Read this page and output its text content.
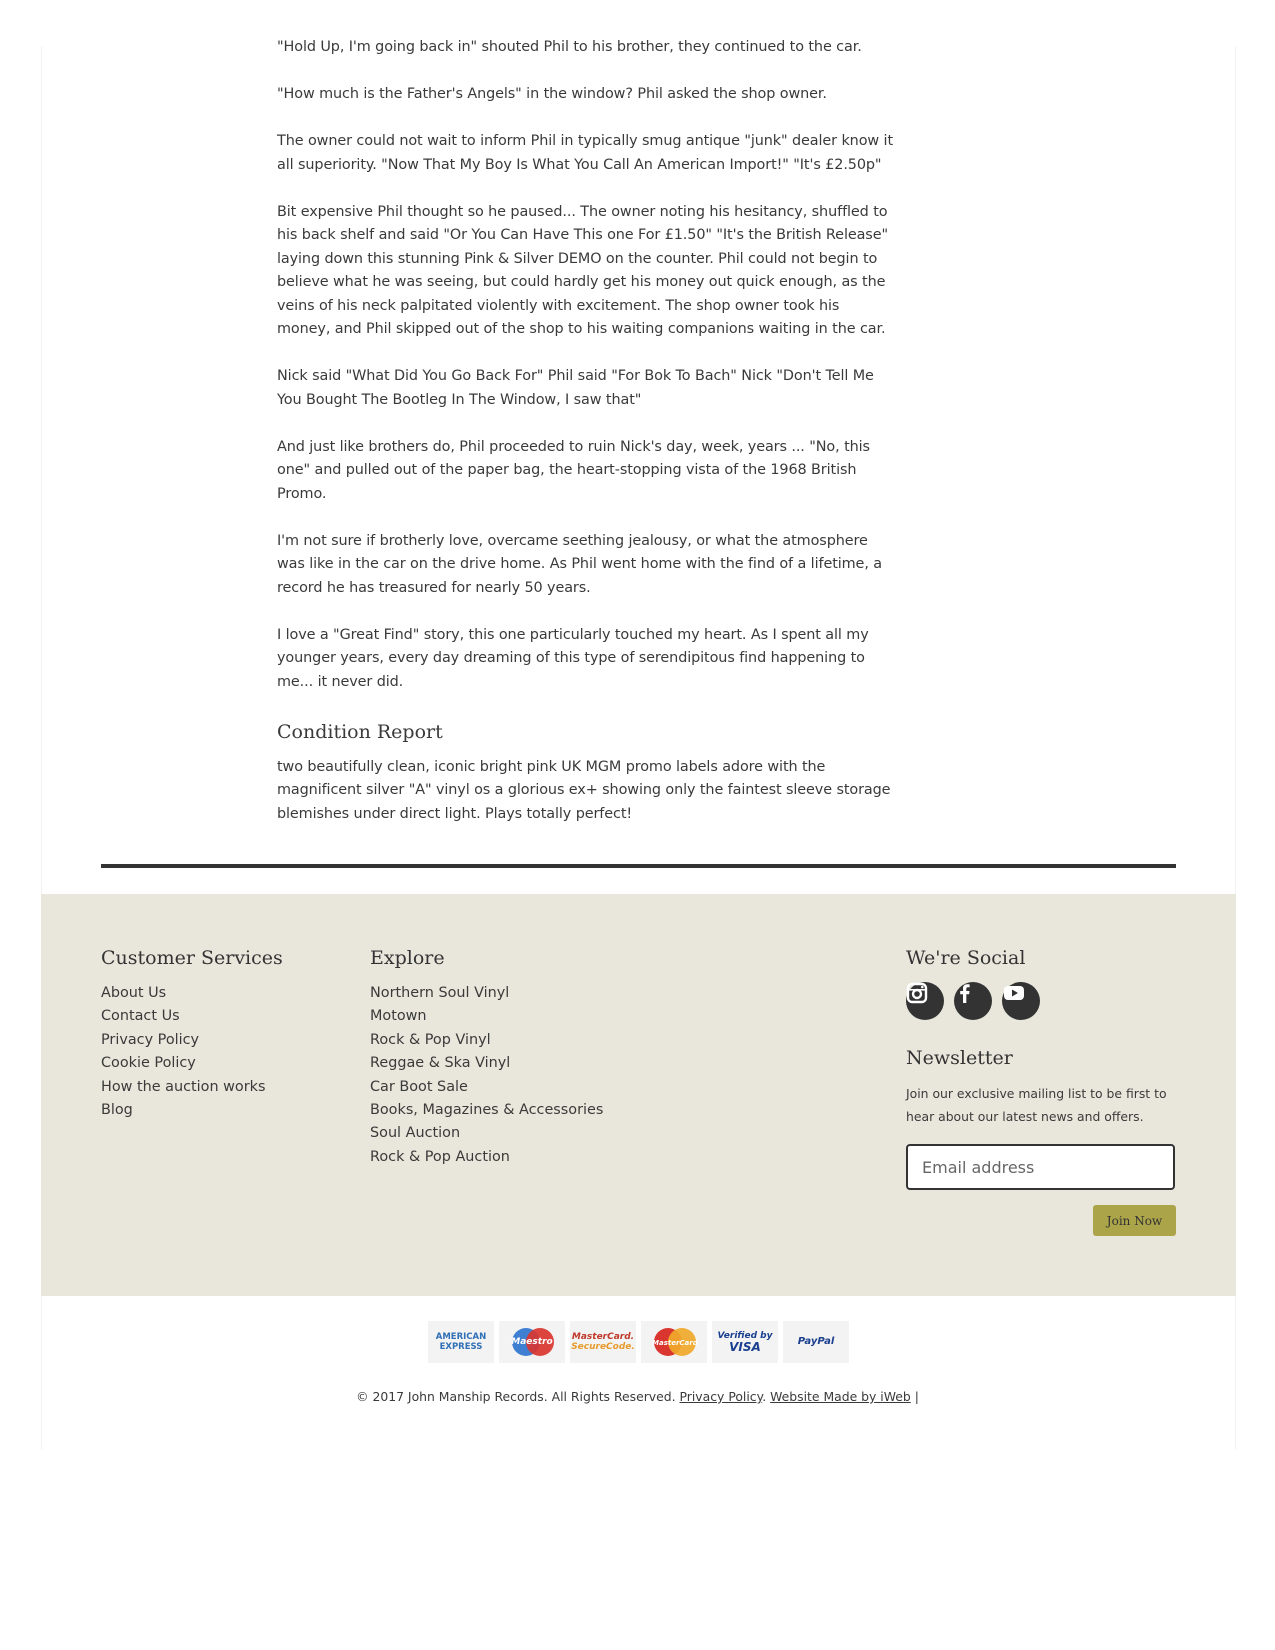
"Hold Up, I'm going back in" shouted Phil to his brother, they continued to the car.

"How much is the Father's Angels" in the window? Phil asked the shop owner.

The owner could not wait to inform Phil in typically smug antique "junk" dealer know it all superiority. "Now That My Boy Is What You Call An American Import!" "It's £2.50p"

Bit expensive Phil thought so he paused... The owner noting his hesitancy, shuffled to his back shelf and said "Or You Can Have This one For £1.50" "It's the British Release" laying down this stunning Pink & Silver DEMO on the counter. Phil could not begin to believe what he was seeing, but could hardly get his money out quick enough, as the veins of his neck palpitated violently with excitement. The shop owner took his money, and Phil skipped out of the shop to his waiting companions waiting in the car.

Nick said "What Did You Go Back For" Phil said "For Bok To Bach" Nick "Don't Tell Me You Bought The Bootleg In The Window, I saw that"

And just like brothers do, Phil proceeded to ruin Nick's day, week, years ... "No, this one" and pulled out of the paper bag, the heart-stopping vista of the 1968 British Promo.

I'm not sure if brotherly love, overcame seething jealousy, or what the atmosphere was like in the car on the drive home. As Phil went home with the find of a lifetime, a record he has treasured for nearly 50 years.

I love a "Great Find" story, this one particularly touched my heart. As I spent all my younger years, every day dreaming of this type of serendipitous find happening to me... it never did.

Condition Report

two beautifully clean, iconic bright pink UK MGM promo labels adore with the magnificent silver "A" vinyl os a glorious ex+ showing only the faintest sleeve storage blemishes under direct light. Plays totally perfect!

Customer Services
About Us
Contact Us
Privacy Policy
Cookie Policy
How the auction works
Blog
Explore
Northern Soul Vinyl
Motown
Rock & Pop Vinyl
Reggae & Ska Vinyl
Car Boot Sale
Books, Magazines & Accessories
Soul Auction
Rock & Pop Auction
We're Social
Newsletter

Join our exclusive mailing list to be first to hear about our latest news and offers.

Email address
Join Now
AMERICAN
EXPRESS	Maestro MasterCard.
SecureCode. MasterCard
Verified by
VISA	PayPal
© 2017 John Manship Records. All Rights Reserved. Privacy Policy. Website Made by iWeb |
